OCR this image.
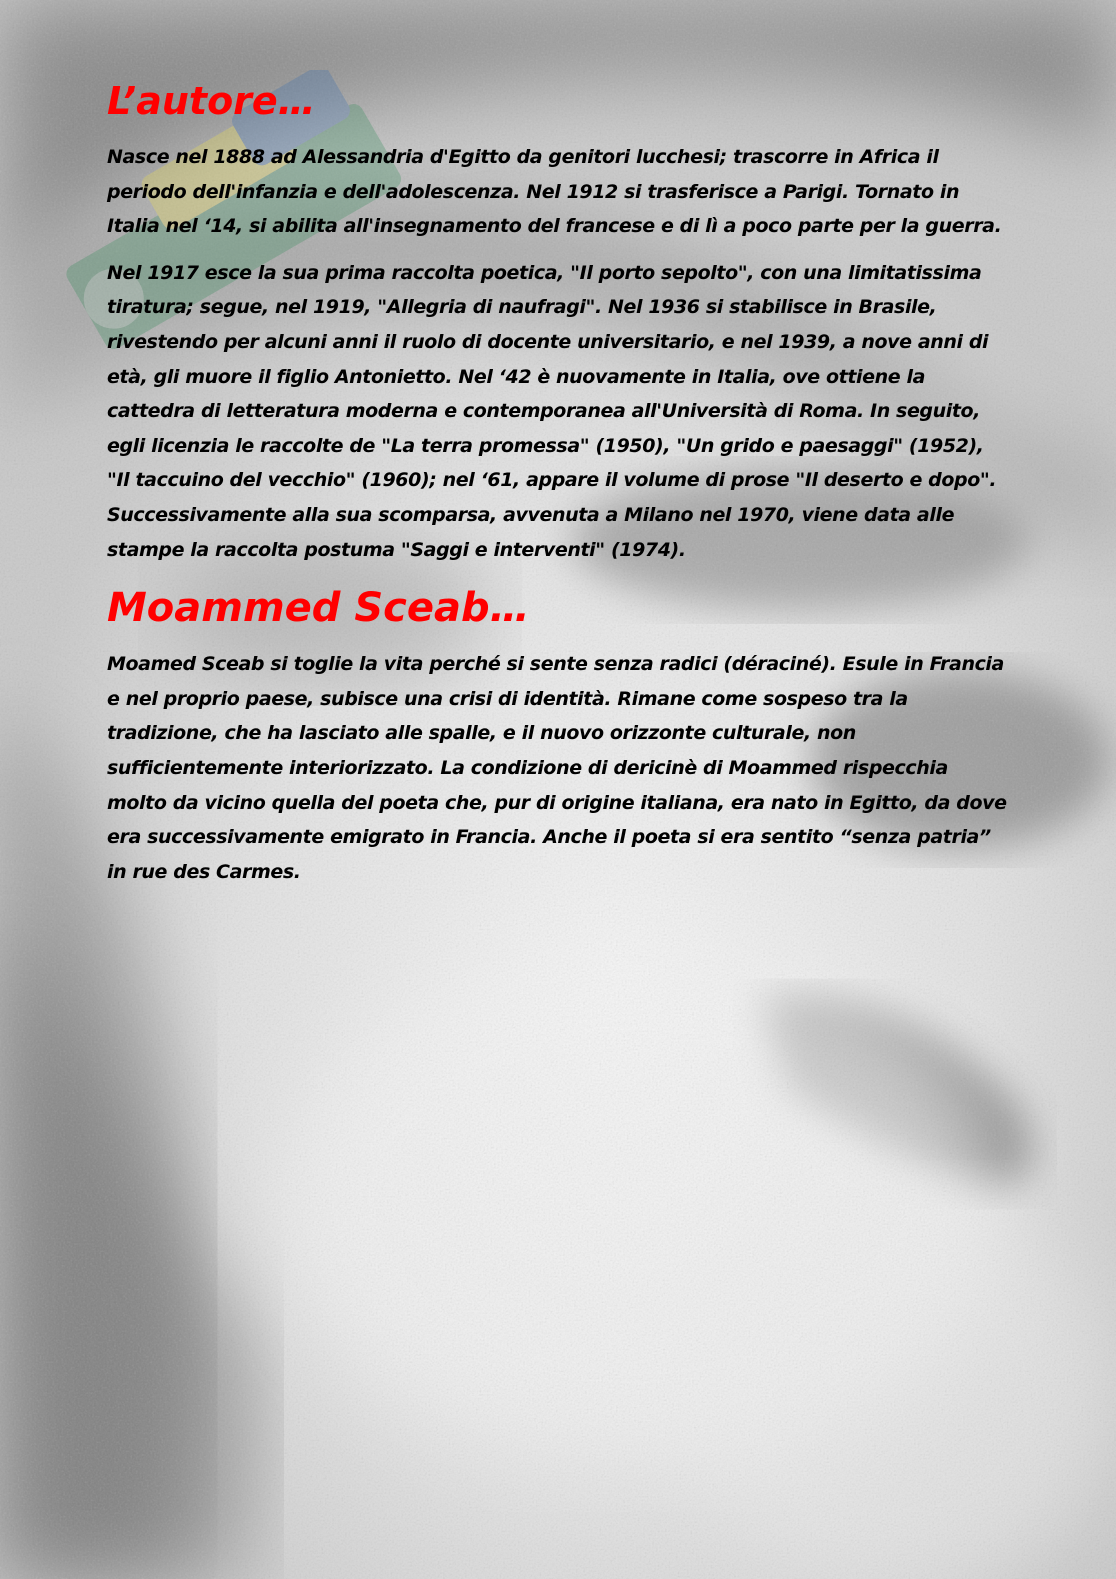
L’autore…

Nasce nel 1888 ad Alessandria d'Egitto da genitori lucchesi; trascorre in Africa il periodo dell'infanzia e dell'adolescenza. Nel 1912 si trasferisce a Parigi. Tornato in Italia nel ‘14, si abilita all'insegnamento del francese e di lì a poco parte per la guerra.

Nel 1917 esce la sua prima raccolta poetica, "Il porto sepolto", con una limitatissima tiratura; segue, nel 1919, "Allegria di naufragi". Nel 1936 si stabilisce in Brasile, rivestendo per alcuni anni il ruolo di docente universitario, e nel 1939, a nove anni di età, gli muore il figlio Antonietto. Nel ‘42 è nuovamente in Italia, ove ottiene la cattedra di letteratura moderna e contemporanea all'Università di Roma. In seguito, egli licenzia le raccolte de "La terra promessa" (1950), "Un grido e paesaggi" (1952), "Il taccuino del vecchio" (1960); nel ‘61, appare il volume di prose "Il deserto e dopo". Successivamente alla sua scomparsa, avvenuta a Milano nel 1970, viene data alle stampe la raccolta postuma "Saggi e interventi" (1974).

Moammed Sceab…

Moamed Sceab si toglie la vita perché si sente senza radici (déraciné). Esule in Francia e nel proprio paese, subisce una crisi di identità. Rimane come sospeso tra la tradizione, che ha lasciato alle spalle, e il nuovo orizzonte culturale, non sufficientemente interiorizzato. La condizione di dericinè di Moammed rispecchia molto da vicino quella del poeta che, pur di origine italiana, era nato in Egitto, da dove era successivamente emigrato in Francia. Anche il poeta si era sentito “senza patria” in rue des Carmes.
